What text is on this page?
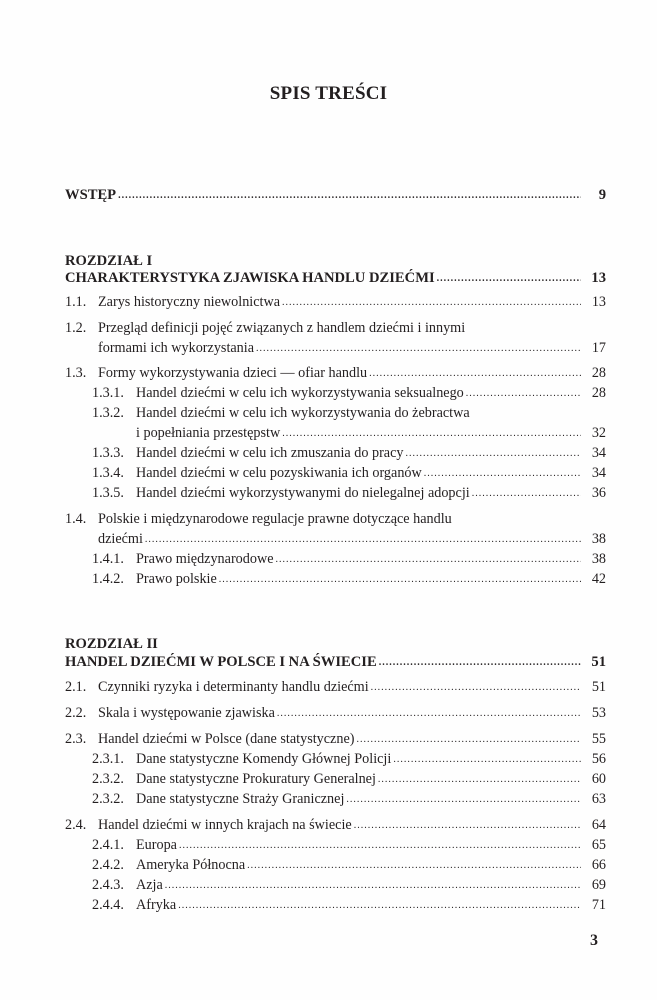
SPIS TREŚCI
WSTĘP .....	9
ROZDZIAŁ I
CHARAKTERYSTYKA ZJAWISKA HANDLU DZIEĆMI .....	13
1.1. Zarys historyczny niewolnictwa .....	13
1.2. Przegląd definicji pojęć związanych z handlem dziećmi i innymi
formami ich wykorzystania .....	17
1.3. Formy wykorzystywania dzieci — ofiar handlu .....	28
1.3.1. Handel dziećmi w celu ich wykorzystywania seksualnego .....	28
1.3.2. Handel dziećmi w celu ich wykorzystywania do żebractwa
i popełniania przestępstw .....	32
1.3.3. Handel dziećmi w celu ich zmuszania do pracy .....	34
1.3.4. Handel dziećmi w celu pozyskiwania ich organów .....	34
1.3.5. Handel dziećmi wykorzystywanymi do nielegalnej adopcji .....	36
1.4. Polskie i międzynarodowe regulacje prawne dotyczące handlu
dziećmi .....	38
1.4.1. Prawo międzynarodowe .....	38
1.4.2. Prawo polskie .....	42
ROZDZIAŁ II
HANDEL DZIEĆMI W POLSCE I NA ŚWIECIE .....	51
2.1. Czynniki ryzyka i determinanty handlu dziećmi .....	51
2.2. Skala i występowanie zjawiska .....	53
2.3. Handel dziećmi w Polsce (dane statystyczne) .....	55
2.3.1. Dane statystyczne Komendy Głównej Policji .....	56
2.3.2. Dane statystyczne Prokuratury Generalnej .....	60
2.3.2. Dane statystyczne Straży Granicznej .....	63
2.4. Handel dziećmi w innych krajach na świecie .....	64
2.4.1. Europa .....	65
2.4.2. Ameryka Północna .....	66
2.4.3. Azja .....	69
2.4.4. Afryka .....	71
3
